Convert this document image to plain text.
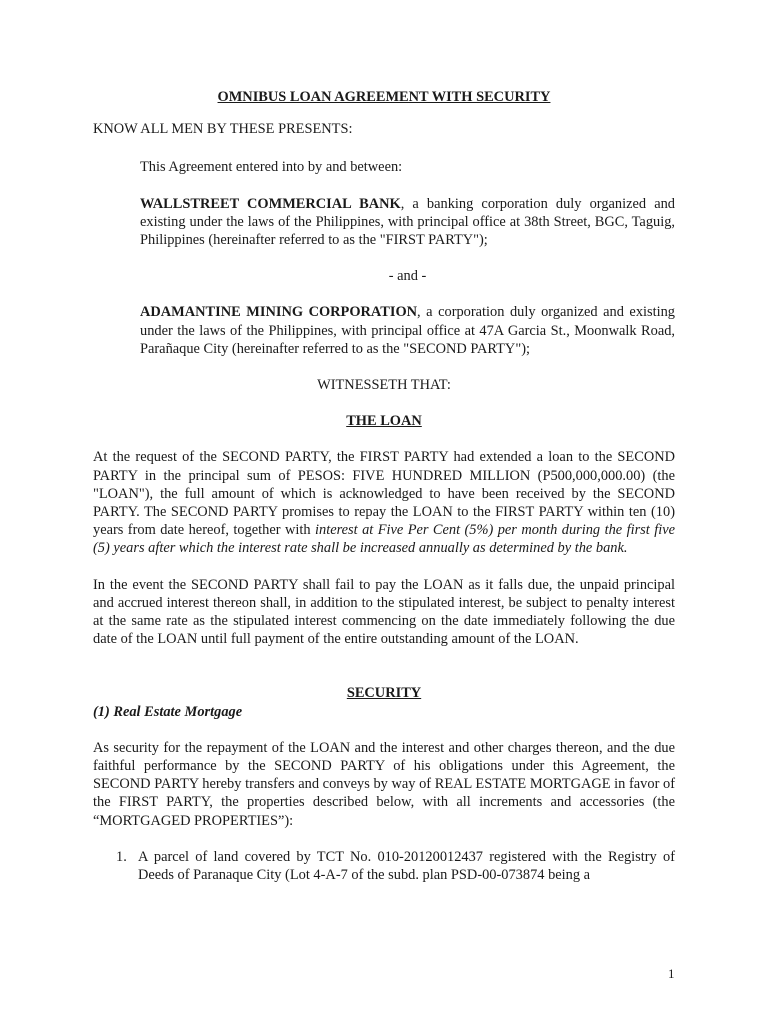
OMNIBUS LOAN AGREEMENT WITH SECURITY
KNOW ALL MEN BY THESE PRESENTS:
This Agreement entered into by and between:
WALLSTREET COMMERCIAL BANK, a banking corporation duly organized and existing under the laws of the Philippines, with principal office at 38th Street, BGC, Taguig, Philippines (hereinafter referred to as the "FIRST PARTY");
- and -
ADAMANTINE MINING CORPORATION, a corporation duly organized and existing under the laws of the Philippines, with principal office at 47A Garcia St., Moonwalk Road, Parañaque City (hereinafter referred to as the "SECOND PARTY");
WITNESSETH THAT:
THE LOAN
At the request of the SECOND PARTY, the FIRST PARTY had extended a loan to the SECOND PARTY in the principal sum of PESOS: FIVE HUNDRED MILLION (P500,000,000.00) (the "LOAN"), the full amount of which is acknowledged to have been received by the SECOND PARTY. The SECOND PARTY promises to repay the LOAN to the FIRST PARTY within ten (10) years from date hereof, together with interest at Five Per Cent (5%) per month during the first five (5) years after which the interest rate shall be increased annually as determined by the bank.
In the event the SECOND PARTY shall fail to pay the LOAN as it falls due, the unpaid principal and accrued interest thereon shall, in addition to the stipulated interest, be subject to penalty interest at the same rate as the stipulated interest commencing on the date immediately following the due date of the LOAN until full payment of the entire outstanding amount of the LOAN.
SECURITY
(1) Real Estate Mortgage
As security for the repayment of the LOAN and the interest and other charges thereon, and the due faithful performance by the SECOND PARTY of his obligations under this Agreement, the SECOND PARTY hereby transfers and conveys by way of REAL ESTATE MORTGAGE in favor of the FIRST PARTY, the properties described below, with all increments and accessories (the “MORTGAGED PROPERTIES”):
1. A parcel of land covered by TCT No. 010-20120012437 registered with the Registry of Deeds of Paranaque City (Lot 4-A-7 of the subd. plan PSD-00-073874 being a
1
